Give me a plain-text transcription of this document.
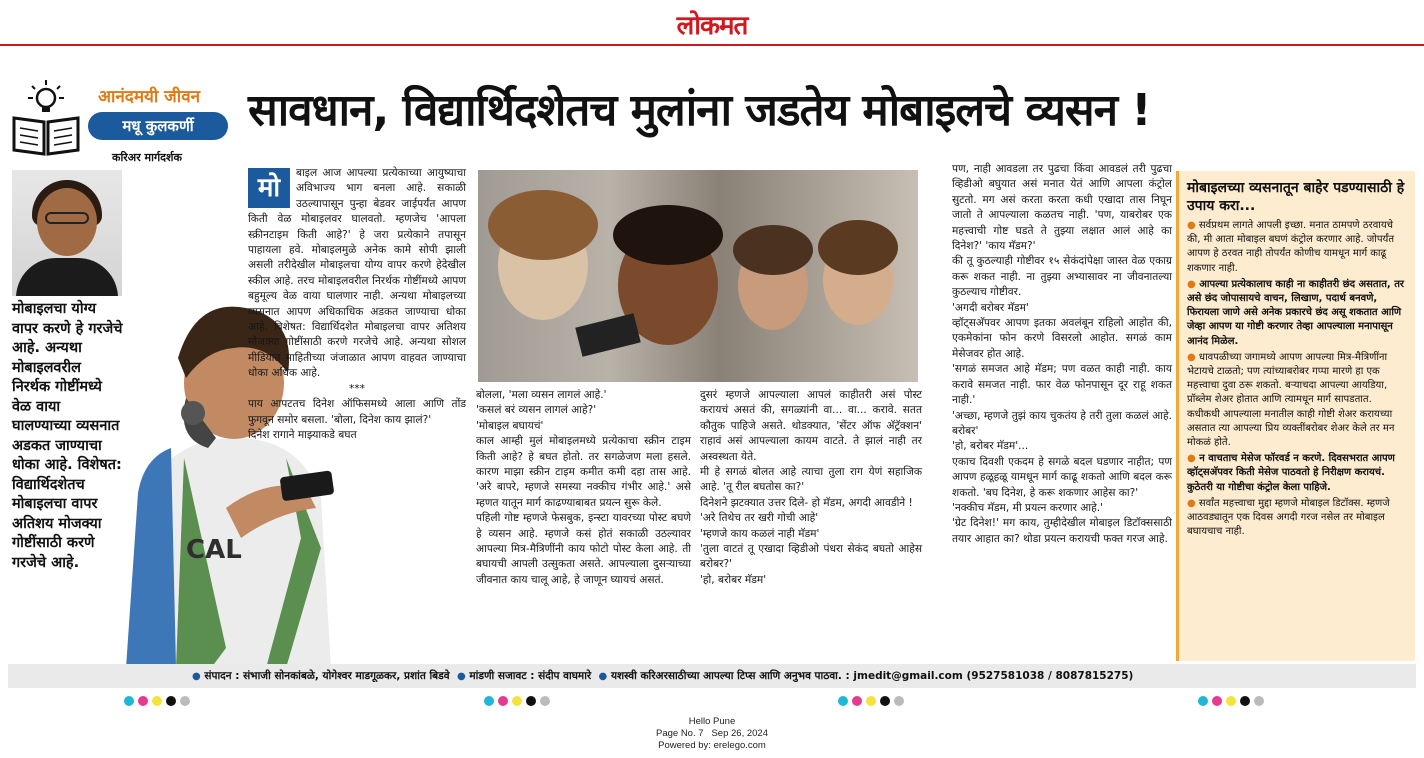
लोकमत
आनंदमयी जीवन
मधू कुलकर्णी
करिअर मार्गदर्शक
सावधान, विद्यार्थिदशेतच मुलांना जडतेय मोबाइलचे व्यसन !
मोबाइलचा योग्य वापर करणे हे गरजेचे आहे. अन्यथा मोबाइलवरील निरर्थक गोष्टींमध्ये वेळ वाया घालण्याच्या व्यसनात अडकत जाण्याचा धोका आहे. विशेषत: विद्यार्थिदशेतच मोबाइलचा वापर अतिशय मोजक्या गोष्टींसाठी करणे गरजेचे आहे.	CAL
मो	बाइल आज आपल्या प्रत्येकाच्या आयुष्याचा अविभाज्य भाग बनला आहे. सकाळी उठल्यापासून पुन्हा बेडवर जाईपर्यंत आपण किती वेळ मोबाइलवर घालवतो. म्हणजेच 'आपला स्क्रीनटाइम किती आहे?' हे जरा प्रत्येकाने तपासून पाहायला हवे. मोबाइलमुळे अनेक कामे सोपी झाली असली तरीदेखील मोबाइलचा योग्य वापर करणे हेदेखील स्कील आहे. तरच मोबाइलवरील निरर्थक गोष्टींमध्ये आपण बहुमूल्य वेळ वाया घालणार नाही. अन्यथा मोबाइलच्या व्यसनात आपण अधिकाधिक अडकत जाण्याचा धोका आहे. विशेषत: विद्यार्थिदशेत मोबाइलचा वापर अतिशय मोजक्या गोष्टींसाठी करणे गरजेचे आहे. अन्यथा सोशल मीडियात माहितीच्या जंजाळात आपण वाहवत जाण्याचा धोका अधिक आहे.

***

पाय आपटतच दिनेश ऑफिसमध्ये आला आणि तोंड फुगवून समोर बसला. 'बोला, दिनेश काय झालं?'

दिनेश रागाने माझ्याकडे बघत

बोलला, 'मला व्यसन लागलं आहे.'

'कसलं बरं व्यसन लागलं आहे?'

'मोबाइल बघायचं'

काल आम्ही मुलं मोबाइलमध्ये प्रत्येकाचा स्क्रीन टाइम किती आहे? हे बघत होतो. तर सगळेजण मला हसले. कारण माझा स्क्रीन टाइम कमीत कमी दहा तास आहे. 'अरे बापरे, म्हणजे समस्या नक्कीच गंभीर आहे.' असे म्हणत यातून मार्ग काढण्याबाबत प्रयत्न सुरू केले.

पहिली गोष्ट म्हणजे फेसबुक, इन्स्टा यावरच्या पोस्ट बघणे हे व्यसन आहे. म्हणजे कसं होतं सकाळी उठल्यावर आपल्या मित्र-मैत्रिणींनी काय फोटो पोस्ट केला आहे. ती बघायची आपली उत्सुकता असते. आपल्याला दुसऱ्याच्या जीवनात काय चालू आहे, हे जाणून घ्यायचं असतं.

दुसरं म्हणजे आपल्याला आपलं काहीतरी असं पोस्ट करायचं असतं की, सगळ्यांनी वा... वा... करावे. सतत कौतुक पाहिजे असते. थोडक्यात, 'सेंटर ऑफ अ‍ॅट्रॅक्शन' राहावं असं आपल्याला कायम वाटते. ते झालं नाही तर अस्वस्थता येते.

मी हे सगळं बोलत आहे त्याचा तुला राग येणं सहाजिक आहे. 'तू रील बघतोस का?'

दिनेशने झटक्यात उत्तर दिले- हो मॅडम, अगदी आवडीने !

'अरे तिथेच तर खरी गोची आहे'

'म्हणजे काय कळलं नाही मॅडम'

'तुला वाटतं तू एखादा व्हिडीओ पंधरा सेकंद बघतो आहेस बरोबर?'

'हो, बरोबर मॅडम'

पण, नाही आवडला तर पुढचा किंवा आवडलं तरी पुढचा व्हिडीओ बघुयात असं मनात येतं आणि आपला कंट्रोल सुटतो. मग असं करता करता कधी एखादा तास निघून जातो ते आपल्याला कळतच नाही. 'पण, याबरोबर एक महत्त्वाची गोष्ट घडते ते तुझ्या लक्षात आलं आहे का दिनेश?' 'काय मॅडम?'

की तू कुठल्याही गोष्टीवर १५ सेकंदांपेक्षा जास्त वेळ एकाग्र करू शकत नाही. ना तुझ्या अभ्यासावर ना जीवनातल्या कुठल्याच गोष्टीवर.

'अगदी बरोबर मॅडम'

व्हॉट्सअ‍ॅपवर आपण इतका अवलंबून राहिलो आहोत की, एकमेकांना फोन करणे विसरलो आहोत. सगळं काम मेसेजवर होत आहे.

'सगळं समजत आहे मॅडम; पण वळत काही नाही. काय करावे समजत नाही. फार वेळ फोनपासून दूर राहू शकत नाही.'

'अच्छा, म्हणजे तुझं काय चुकतंय हे तरी तुला कळलं आहे. बरोबर'

'हो, बरोबर मॅडम'...

एकाच दिवशी एकदम हे सगळे बदल घडणार नाहीत; पण आपण हळूहळू यामधून मार्ग काढू शकतो आणि बदल करू शकतो. 'बघ दिनेश, हे करू शकणार आहेस का?'

'नक्कीच मॅडम, मी प्रयत्न करणार आहे.'

'ग्रेट दिनेश!' मग काय, तुम्हीदेखील मोबाइल डिटॉक्ससाठी तयार आहात का? थोडा प्रयत्न करायची फक्त गरज आहे.

मोबाइलच्या व्यसनातून बाहेर पडण्यासाठी हे उपाय करा...
● सर्वप्रथम लागते आपली इच्छा. मनात ठामपणे ठरवायचे की, मी आता मोबाइल बघणं कंट्रोल करणार आहे. जोपर्यंत आपण हे ठरवत नाही तोपर्यंत कोणीच यामधून मार्ग काढू शकणार नाही.
● आपल्या प्रत्येकालाच काही ना काहीतरी छंद असतात, तर असे छंद जोपासायचे वाचन, लिखाण, पदार्थ बनवणे, फिरायला जाणे असे अनेक प्रकारचे छंद असू शकतात आणि जेव्हा आपण या गोष्टी करणार तेव्हा आपल्याला मनापासून आनंद मिळेल.
● धावपळीच्या जगामध्ये आपण आपल्या मित्र-मैत्रिणींना भेटायचे टाळतो; पण त्यांच्याबरोबर गप्पा मारणे हा एक महत्त्वाचा दुवा ठरू शकतो. बऱ्याचदा आपल्या आयडिया, प्रॉब्लेम शेअर होतात आणि त्यामधून मार्ग सापडतात. कधीकधी आपल्याला मनातील काही गोष्टी शेअर करायच्या असतात त्या आपल्या प्रिय व्यक्तींबरोबर शेअर केले तर मन मोकळं होते.
● न वाचताच मेसेज फॉरवर्ड न करणे. दिवसभरात आपण व्हॉट्सअ‍ॅपवर किती मेसेज पाठवतो हे निरीक्षण करायचं. कुठेतरी या गोष्टीचा कंट्रोल केला पाहिजे.
● सर्वांत महत्त्वाचा मुद्दा म्हणजे मोबाइल डिटॉक्स. म्हणजे आठवड्यातून एक दिवस अगदी गरज नसेल तर मोबाइल बघायचाच नाही.
● संपादन : संभाजी सोनकांबळे, योगेश्वर माडगूळकर, प्रशांत बिडवे ● मांडणी सजावट : संदीप वाघमारे ● यशस्वी करिअरसाठीच्या आपल्या टिप्स आणि अनुभव पाठवा. : jmedit@gmail.com (9527581038 / 8087815275)
Hello Pune
Page No. 7 Sep 26, 2024
Powered by: erelego.com
